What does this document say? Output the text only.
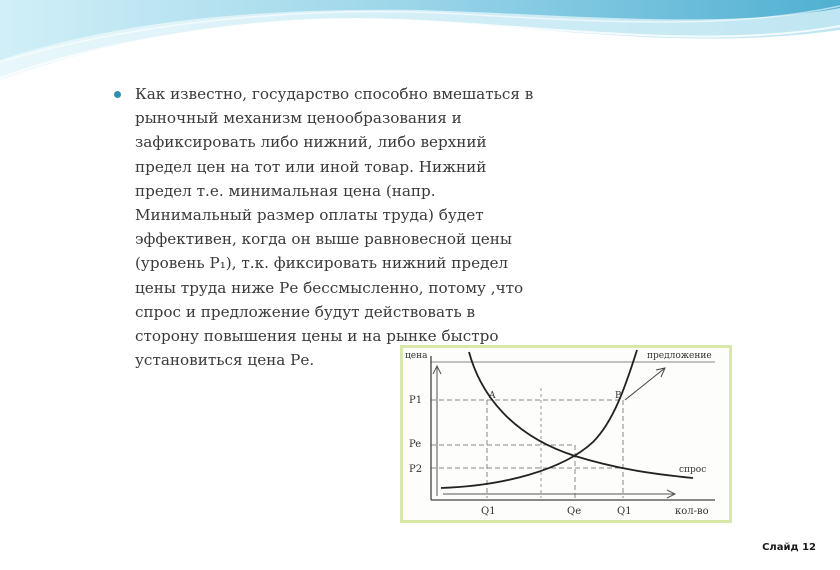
Как известно, государство способно вмешаться в
рыночный механизм ценообразования и
зафиксировать либо нижний, либо верхний
предел цен на тот или иной товар. Нижний
предел т.е. минимальная цена (напр.
Минимальный размер оплаты труда) будет
эффективен, когда он выше равновесной цены
(уровень P₁), т.к. фиксировать нижний предел
цены труда ниже Ре бессмысленно, потому ,что
спрос и предложение будут действовать в
сторону повышения цены и на рынке быстро
установиться цена Ре.	цена	предложение
спрос
P1
Pe
P2
A	B
Q1	Qe	Q1	кол-во
Слайд 12
